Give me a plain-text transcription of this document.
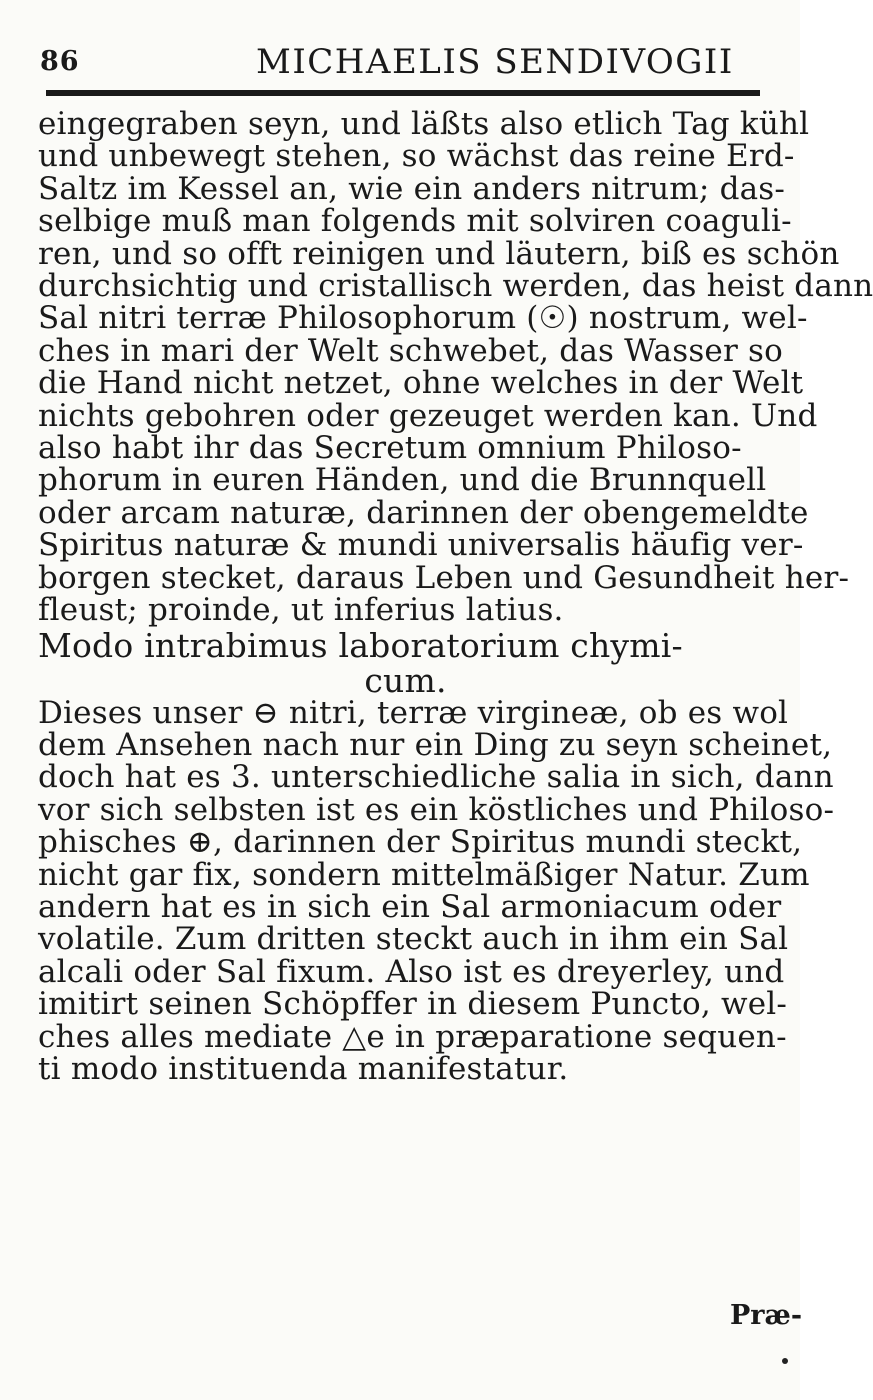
86	MICHAELIS SENDIVOGII
eingegraben seyn, und läßts also etlich Tag kühl
und unbewegt stehen, so wächst das reine Erd-
Saltz im Kessel an, wie ein anders nitrum; das-
selbige muß man folgends mit solviren coaguli-
ren, und so offt reinigen und läutern, biß es schön
durchsichtig und cristallisch werden, das heist dann
Sal nitri terræ Philosophorum (☉) nostrum, wel-
ches in mari der Welt schwebet, das Wasser so
die Hand nicht netzet, ohne welches in der Welt
nichts gebohren oder gezeuget werden kan. Und
also habt ihr das Secretum omnium Philoso-
phorum in euren Händen, und die Brunnquell
oder arcam naturæ, darinnen der obengemeldte
Spiritus naturæ & mundi universalis häufig ver-
borgen stecket, daraus Leben und Gesundheit her-
fleust; proinde, ut inferius latius.
Modo intrabimus laboratorium chymi-
cum.
Dieses unser ⊖ nitri, terræ virgineæ, ob es wol
dem Ansehen nach nur ein Ding zu seyn scheinet,
doch hat es 3. unterschiedliche salia in sich, dann
vor sich selbsten ist es ein köstliches und Philoso-
phisches ⊕, darinnen der Spiritus mundi steckt,
nicht gar fix, sondern mittelmäßiger Natur. Zum
andern hat es in sich ein Sal armoniacum oder
volatile. Zum dritten steckt auch in ihm ein Sal
alcali oder Sal fixum. Also ist es dreyerley, und
imitirt seinen Schöpffer in diesem Puncto, wel-
ches alles mediate △e in præparatione sequen-
ti modo instituenda manifestatur.
Præ-
